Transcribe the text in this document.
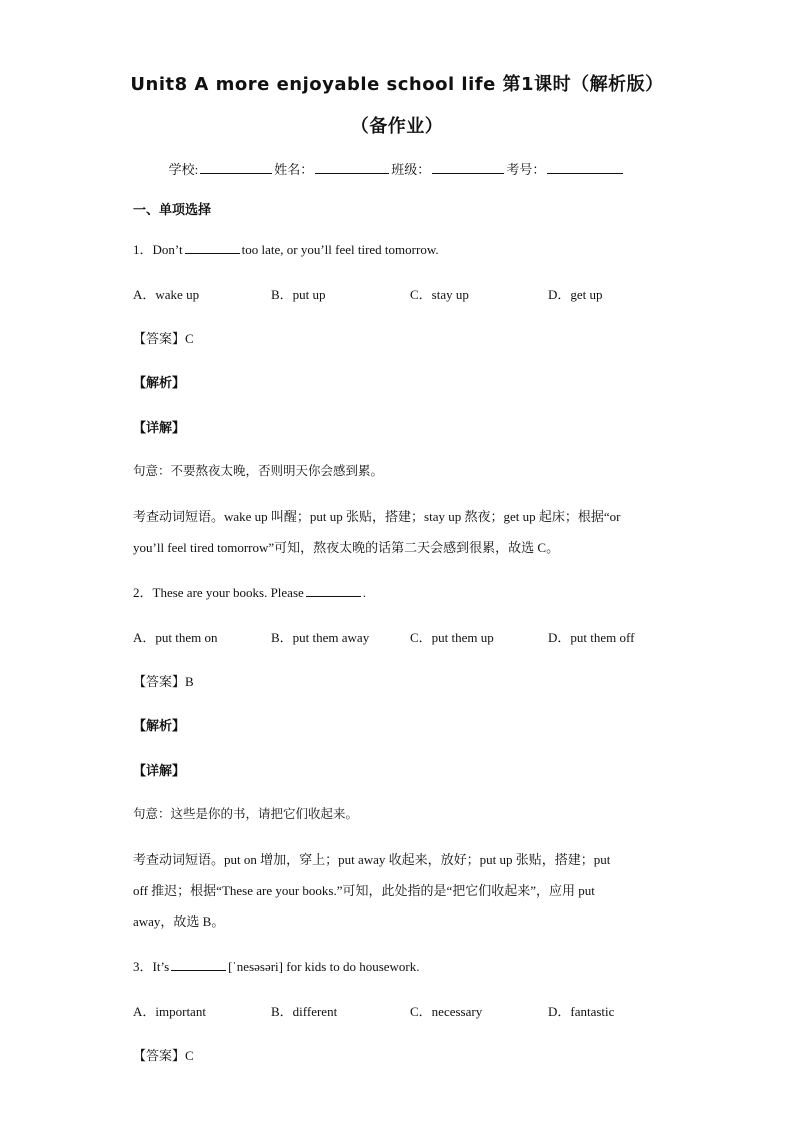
Unit8 A more enjoyable school life 第1课时（解析版）
（备作业）
学校:	姓名：	班级：	考号：
一、单项选择
1．Don’t	too late, or you’ll feel tired tomorrow.
A．wake up	B．put up	C．stay up	D．get up
【答案】C
【解析】
【详解】
句意：不要熬夜太晚，否则明天你会感到累。
考查动词短语。wake up 叫醒；put up 张贴，搭建；stay up 熬夜；get up 起床；根据“or
you’ll feel tired tomorrow”可知，熬夜太晚的话第二天会感到很累，故选 C。
2．These are your books. Please	.
A．put them on	B．put them away	C．put them up	D．put them off
【答案】B
【解析】
【详解】
句意：这些是你的书，请把它们收起来。
考查动词短语。put on 增加，穿上；put away 收起来，放好；put up 张贴，搭建；put
off 推迟；根据“These are your books.”可知，此处指的是“把它们收起来”，应用 put
away，故选 B。
3．It’s	[ˈnesəsəri] for kids to do housework.
A．important	B．different	C．necessary	D．fantastic
【答案】C
